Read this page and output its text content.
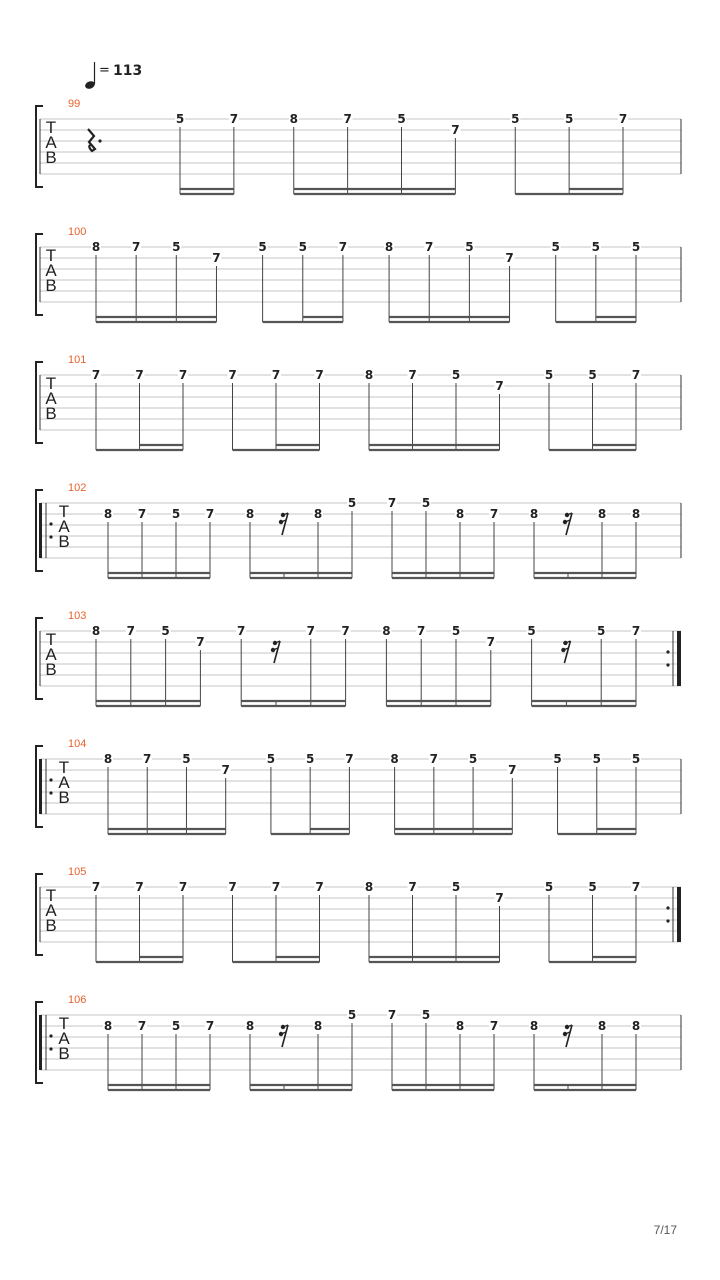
= 113
99
T
A
B
5	7	8	7	5
7
5	5	7
100
T
A
B
8	7	5
7
5	5	7	8	7	5
7
5	5	5
101
T
A
B
7	7	7	7	7	7	8	7	5
7
5	5	7
102
T
A
B
8 7 5 7	8	8
5	7 5
8 7	8	8 8
103
T
A
B
8 7 5
7
7	7 7	8 7 5
7
5	5 7
104
T
A
B
8	7	5
7
5	5	7	8	7	5
7
5	5	5
105
T
A
B
7	7	7	7	7	7	8	7	5
7
5	5	7
106
T
A
B
8 7 5 7	8	8
5	7 5
8 7	8	8 8
7/17
